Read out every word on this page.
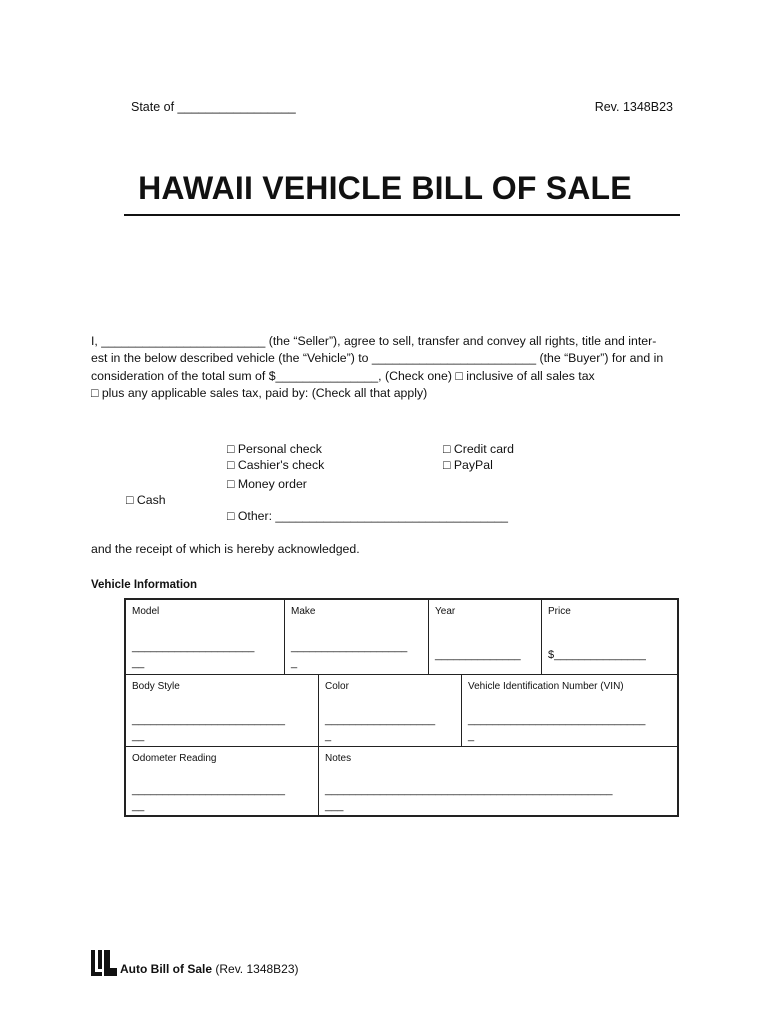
State of _________________	Rev. 1348B23
HAWAII VEHICLE BILL OF SALE
I, ________________________ (the “Seller”), agree to sell, transfer and convey all rights, title and inter-
est in the below described vehicle (the “Vehicle”) to ________________________ (the “Buyer”) for and in
consideration of the total sum of $_______________, (Check one) □ inclusive of all sales tax
□ plus any applicable sales tax, paid by: (Check all that apply)
□ Personal check
□ Cashier's check
□ Money order
□ Cash
□ Other: __________________________________
□ Credit card
□ PayPal
and the receipt of which is hereby acknowledged.
Vehicle Information
Model
____________________
__
Make
___________________
_
Year
______________
Price
$_______________
Body Style
_________________________
__
Color
__________________
_
Vehicle Identification Number (VIN)
_____________________________
_
Odometer Reading
_________________________
__
Notes
_______________________________________________
___
Auto Bill of Sale (Rev. 1348B23)
